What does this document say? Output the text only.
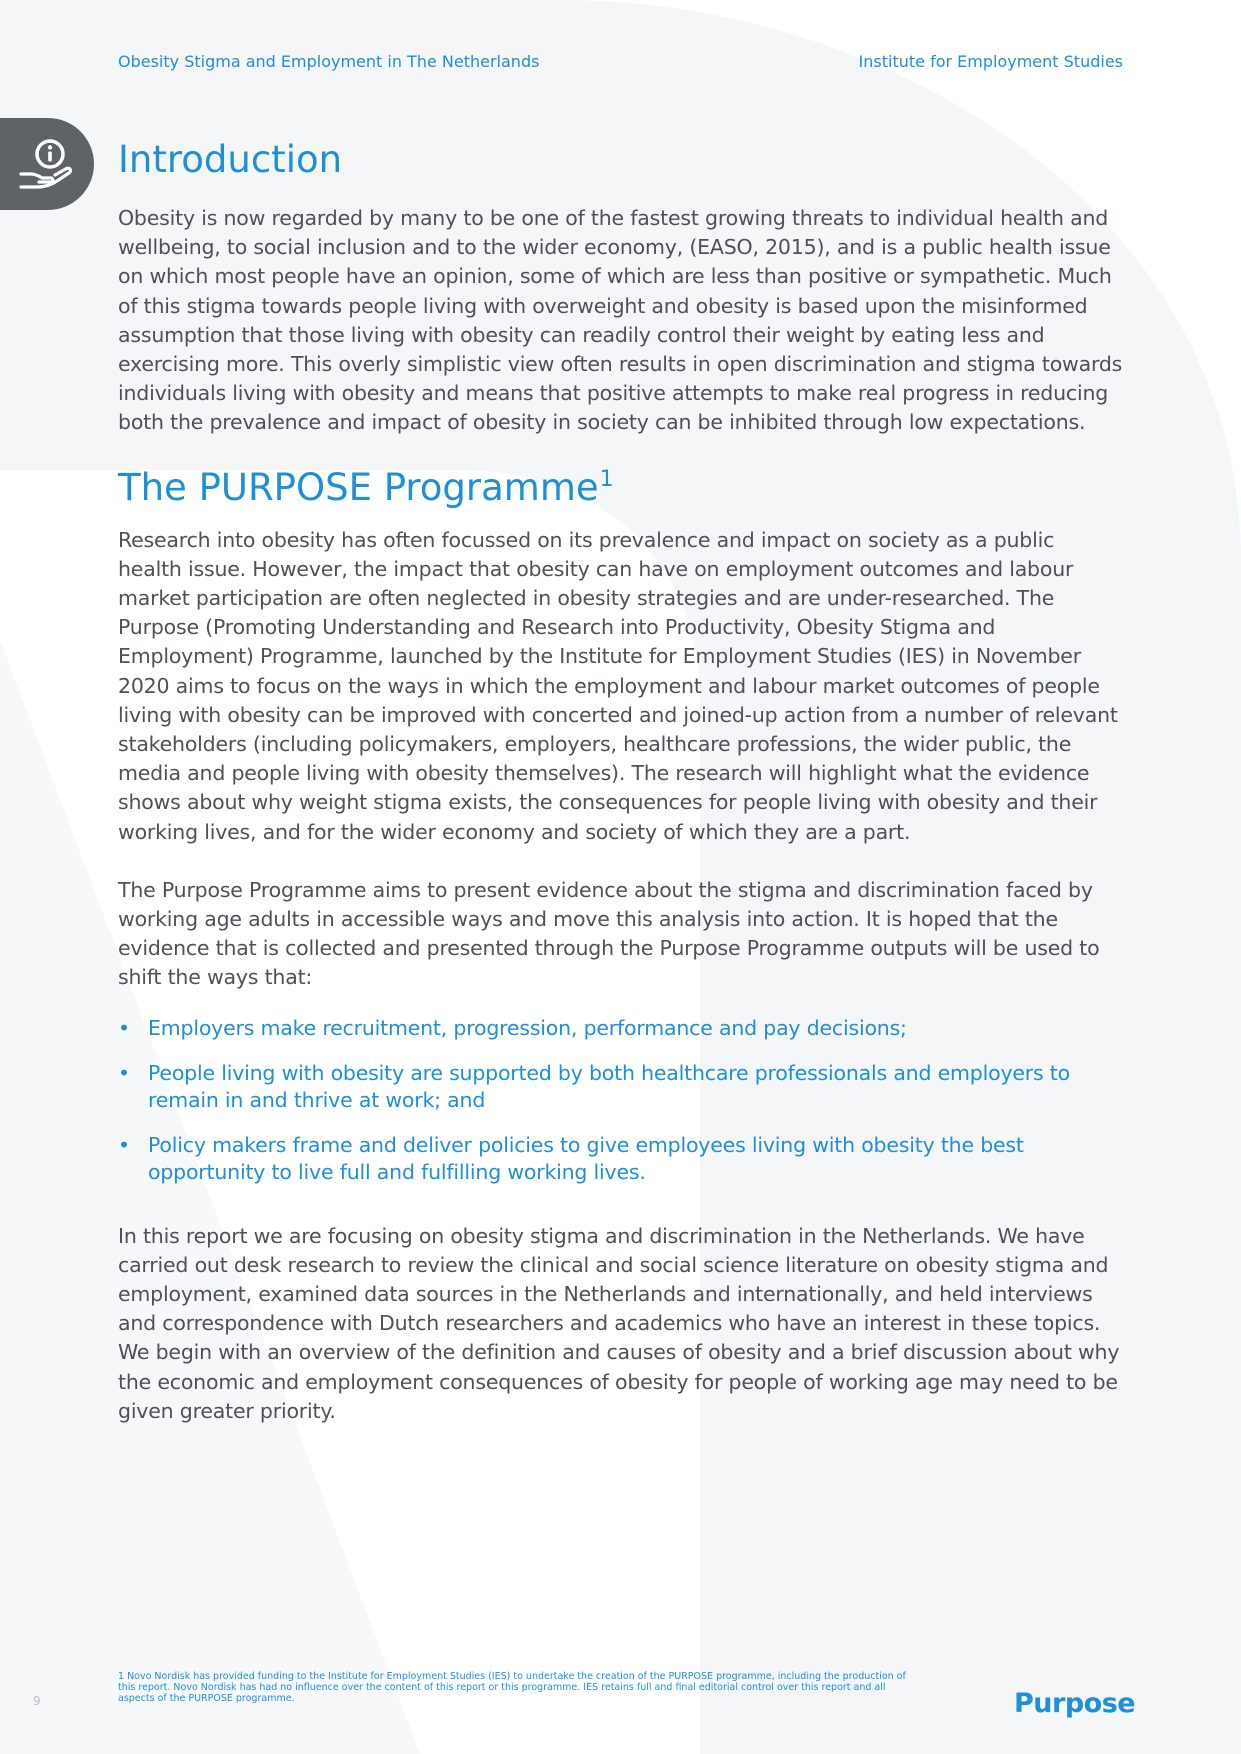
Obesity Stigma and Employment in The Netherlands	Institute for Employment Studies
Introduction

Obesity is now regarded by many to be one of the fastest growing threats to individual health and wellbeing, to social inclusion and to the wider economy, (EASO, 2015), and is a public health issue on which most people have an opinion, some of which are less than positive or sympathetic. Much of this stigma towards people living with overweight and obesity is based upon the misinformed assumption that those living with obesity can readily control their weight by eating less and exercising more. This overly simplistic view often results in open discrimination and stigma towards individuals living with obesity and means that positive attempts to make real progress in reducing both the prevalence and impact of obesity in society can be inhibited through low expectations.

The PURPOSE Programme$^1$

Research into obesity has often focussed on its prevalence and impact on society as a public health issue. However, the impact that obesity can have on employment outcomes and labour market participation are often neglected in obesity strategies and are under-researched. The Purpose (Promoting Understanding and Research into Productivity, Obesity Stigma and Employment) Programme, launched by the Institute for Employment Studies (IES) in November 2020 aims to focus on the ways in which the employment and labour market outcomes of people living with obesity can be improved with concerted and joined-up action from a number of relevant stakeholders (including policymakers, employers, healthcare professions, the wider public, the media and people living with obesity themselves). The research will highlight what the evidence shows about why weight stigma exists, the consequences for people living with obesity and their working lives, and for the wider economy and society of which they are a part.

The Purpose Programme aims to present evidence about the stigma and discrimination faced by working age adults in accessible ways and move this analysis into action. It is hoped that the evidence that is collected and presented through the Purpose Programme outputs will be used to shift the ways that:

• Employers make recruitment, progression, performance and pay decisions;
• People living with obesity are supported by both healthcare professionals and employers to remain in and thrive at work; and
• Policy makers frame and deliver policies to give employees living with obesity the best opportunity to live full and fulfilling working lives.

In this report we are focusing on obesity stigma and discrimination in the Netherlands. We have carried out desk research to review the clinical and social science literature on obesity stigma and employment, examined data sources in the Netherlands and internationally, and held interviews and correspondence with Dutch researchers and academics who have an interest in these topics. We begin with an overview of the definition and causes of obesity and a brief discussion about why the economic and employment consequences of obesity for people of working age may need to be given greater priority.

1 Novo Nordisk has provided funding to the Institute for Employment Studies (IES) to undertake the creation of the PURPOSE programme, including the production of this report. Novo Nordisk has had no influence over the content of this report or this programme. IES retains full and final editorial control over this report and all aspects of the PURPOSE programme.
9	Purpose
